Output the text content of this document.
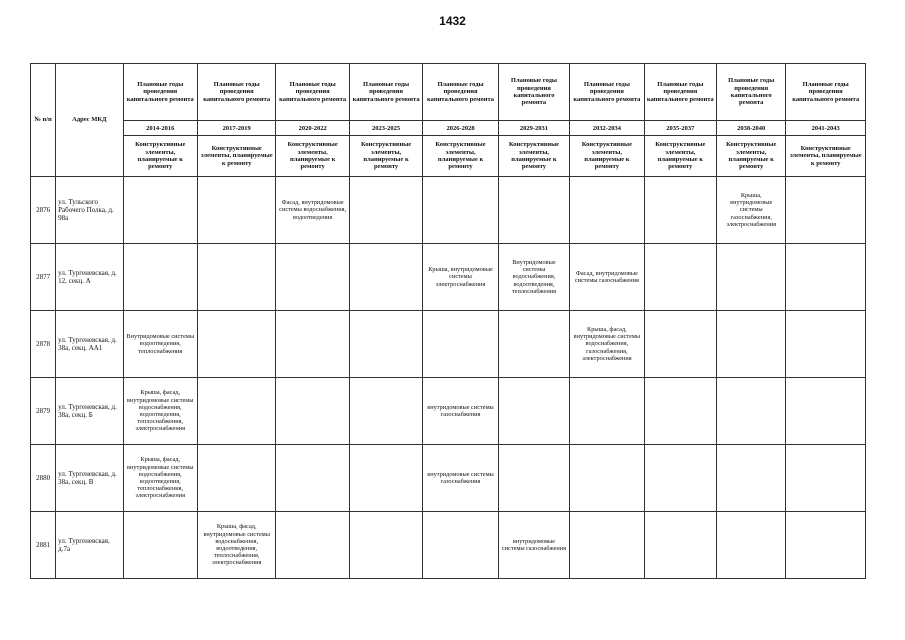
1432
№ п/п	Адрес МКД	Плановые годы проведения капитального ремонта	Плановые годы проведения капитального ремонта	Плановые годы проведения капитального ремонта	Плановые годы проведения капитального ремонта	Плановые годы проведения капитального ремонта	Плановые годы проведения капитального ремонта	Плановые годы проведения капитального ремонта	Плановые годы проведения капитального ремонта	Плановые годы проведения капитального ремонта	Плановые годы проведения капитального ремонта
		2014-2016	2017-2019	2020-2022	2023-2025	2026-2028	2029-2031	2032-2034	2035-2037	2038-2040	2041-2043
		Конструктивные элементы, планируемые к ремонту	Конструктивные элементы, планируемые к ремонту	Конструктивные элементы, планируемые к ремонту	Конструктивные элементы, планируемые к ремонту	Конструктивные элементы, планируемые к ремонту	Конструктивные элементы, планируемые к ремонту	Конструктивные элементы, планируемые к ремонту	Конструктивные элементы, планируемые к ремонту	Конструктивные элементы, планируемые к ремонту	Конструктивные элементы, планируемые к ремонту
2876	ул. Тульского Рабочего Полка, д. 98а			Фасад, внутридомовые системы водоснабжения, водоотведения						Крыша, внутридомовые системы газоснабжения, электроснабжения	
2877	ул. Тургеневская, д. 12, секц. А					Крыша, внутридомовые системы электроснабжения	Внутридомовые системы водоснабжения, водоотведения, теплоснабжения	Фасад, внутридомовые системы газоснабжения			
2878	ул. Тургеневская, д. 38а, секц. АА1	Внутридомовые системы водоотведения, теплоснабжения						Крыша, фасад, внутридомовые системы водоснабжения, газоснабжения, электроснабжения			
2879	ул. Тургеневская, д. 38а, секц. Б	Крыша, фасад, внутридомовые системы водоснабжения, водоотведения, теплоснабжения, электроснабжения				внутридомовые системы газоснабжения					
2880	ул. Тургеневская, д. 38а, секц. В	Крыша, фасад, внутридомовые системы водоснабжения, водоотведения, теплоснабжения, электроснабжения				внутридомовые системы газоснабжения					
2881	ул. Тургеневская, д.7а		Крыша, фасад, внутридомовые системы водоснабжения, водоотведения, теплоснабжения, электроснабжения				внутридомовые системы газоснабжения				
